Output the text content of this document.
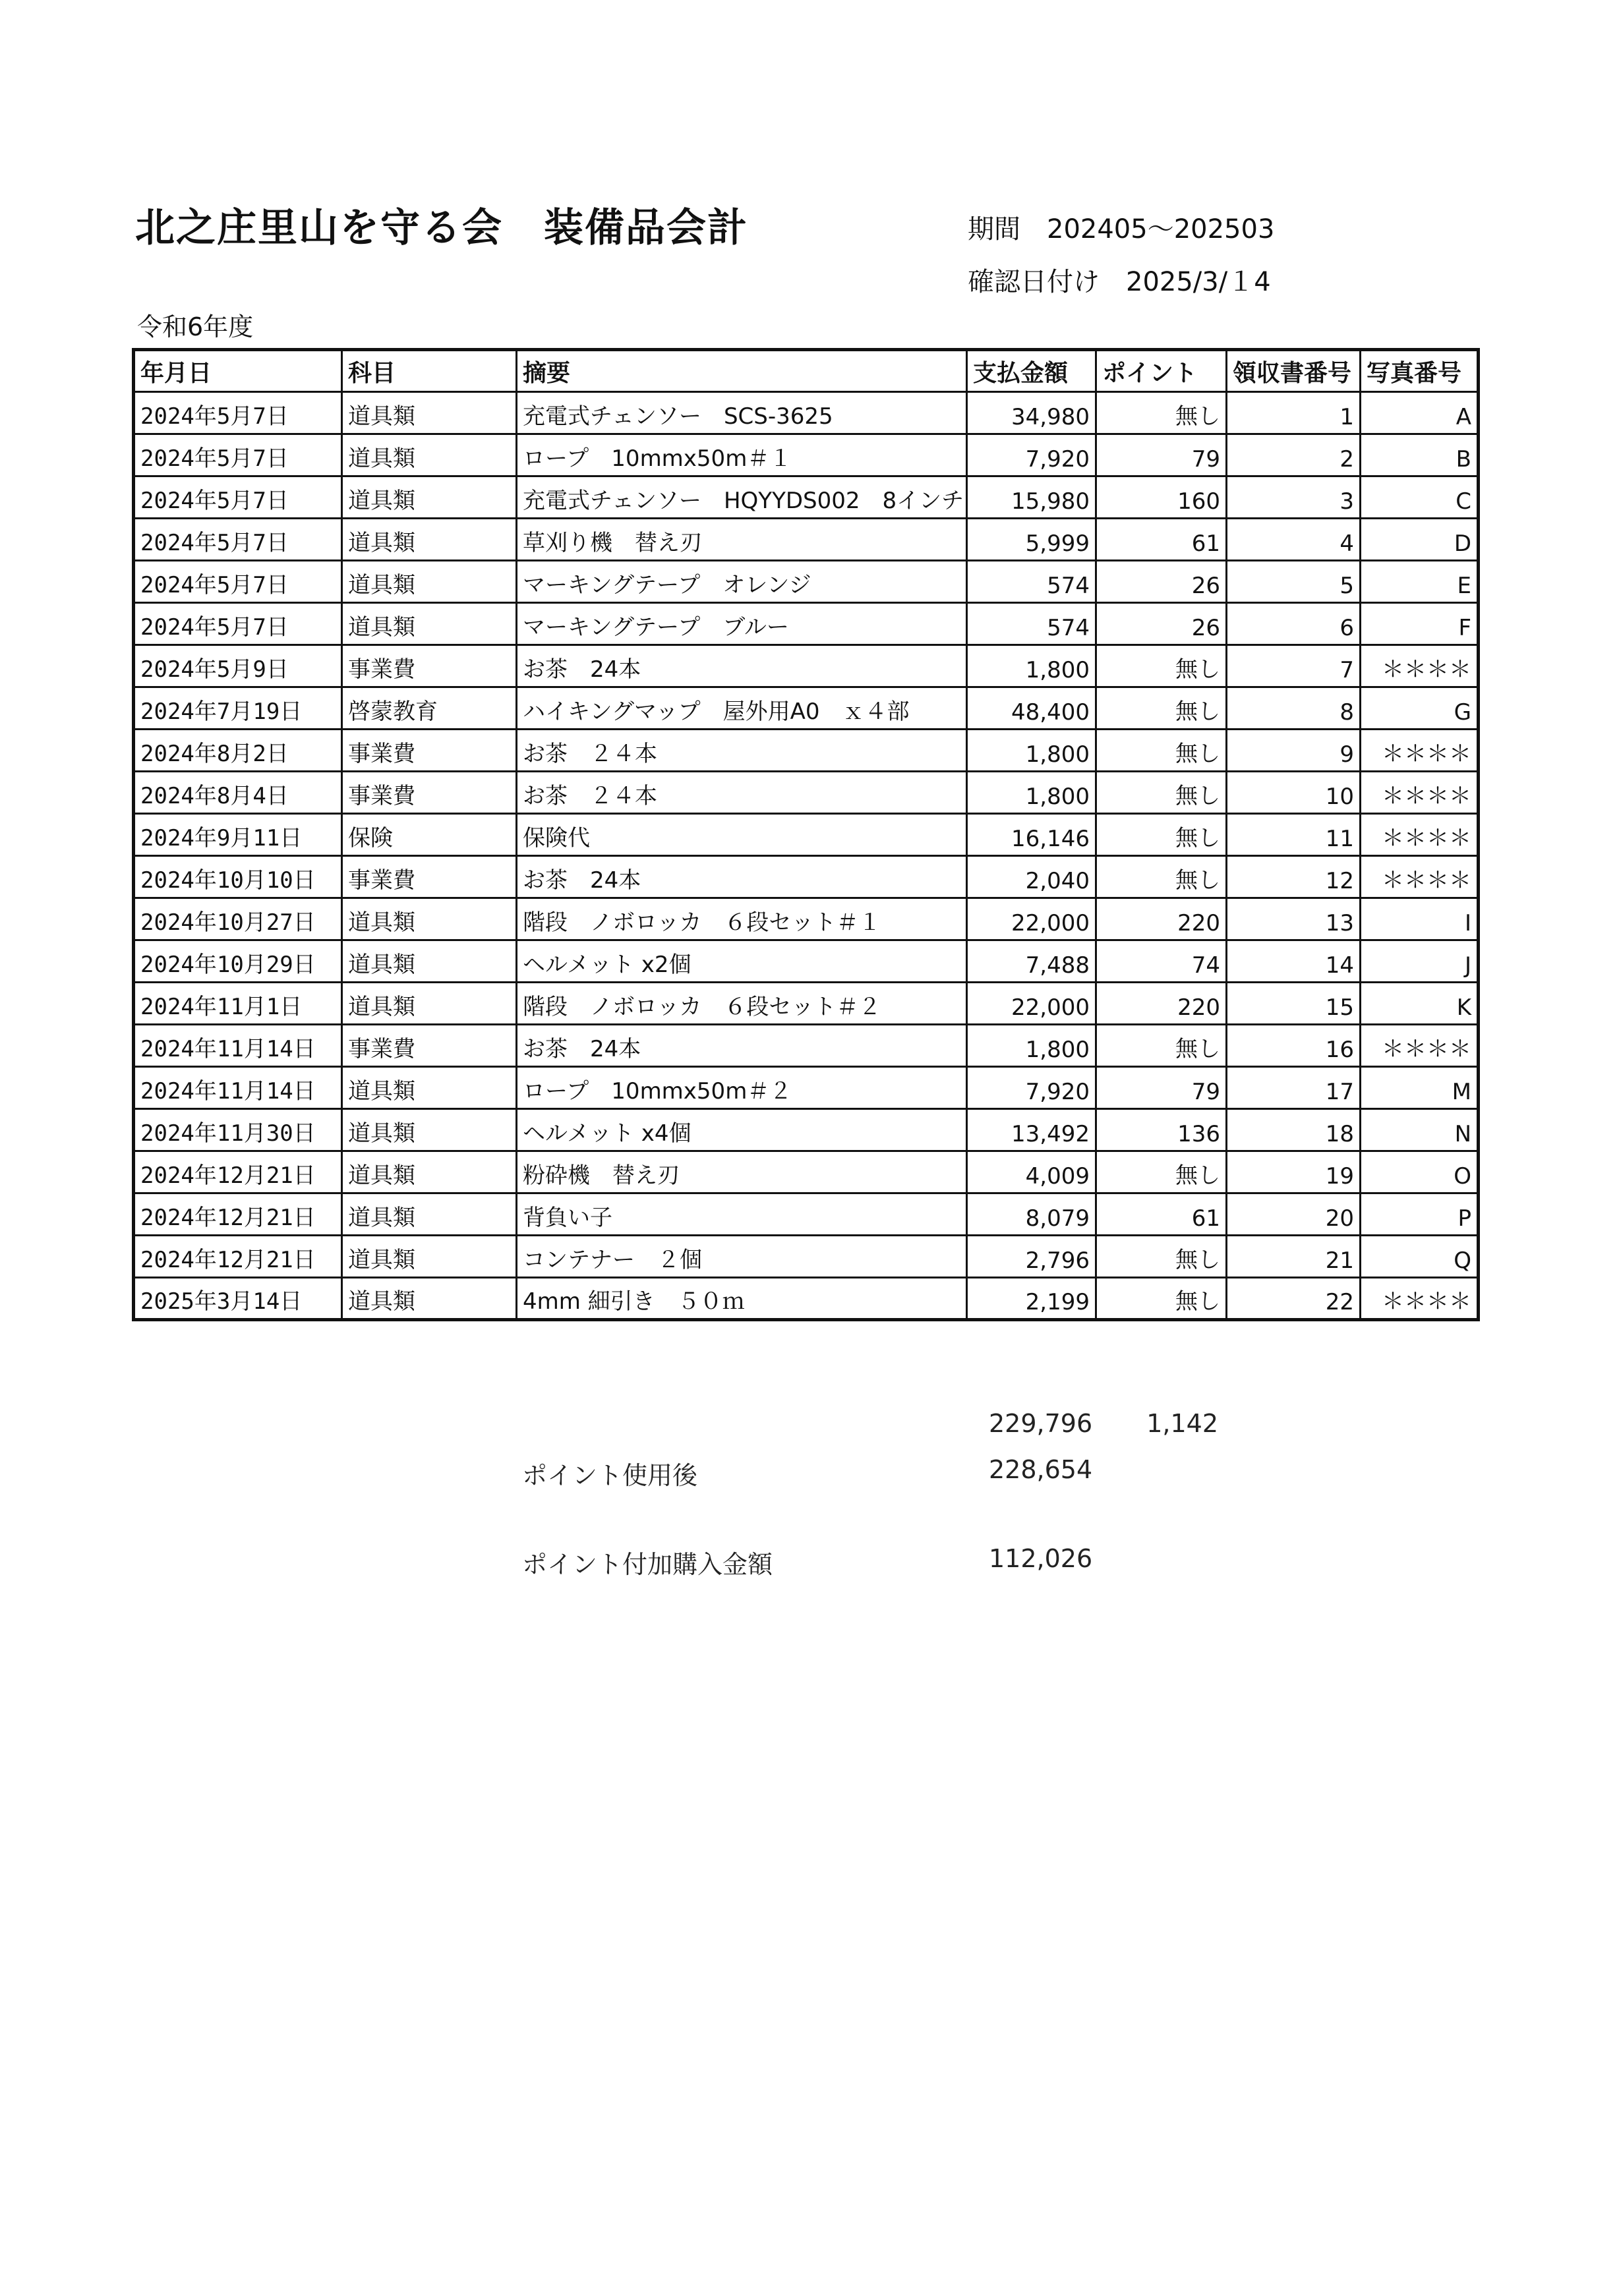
北之庄里山を守る会　装備品会計	期間　202405～202503
確認日付け　2025/3/１4
令和6年度
年月日	科目	摘要	支払金額	ポイント	領収書番号	写真番号
2024年5月7日	道具類	充電式チェンソー　SCS-3625	34,980	無し	1	A
2024年5月7日	道具類	ロープ　10mmx50m＃１	7,920	79	2	B
2024年5月7日	道具類	充電式チェンソー　HQYYDS002　8インチ	15,980	160	3	C
2024年5月7日	道具類	草刈り機　替え刃	5,999	61	4	D
2024年5月7日	道具類	マーキングテープ　オレンジ	574	26	5	E
2024年5月7日	道具類	マーキングテープ　ブルー	574	26	6	F
2024年5月9日	事業費	お茶　24本	1,800	無し	7	＊＊＊＊
2024年7月19日	啓蒙教育	ハイキングマップ　屋外用A0　ｘ４部	48,400	無し	8	G
2024年8月2日	事業費	お茶　２４本	1,800	無し	9	＊＊＊＊
2024年8月4日	事業費	お茶　２４本	1,800	無し	10	＊＊＊＊
2024年9月11日	保険	保険代	16,146	無し	11	＊＊＊＊
2024年10月10日	事業費	お茶　24本	2,040	無し	12	＊＊＊＊
2024年10月27日	道具類	階段　ノボロッカ　６段セット＃１	22,000	220	13	I
2024年10月29日	道具類	ヘルメット x2個	7,488	74	14	J
2024年11月1日	道具類	階段　ノボロッカ　６段セット＃２	22,000	220	15	K
2024年11月14日	事業費	お茶　24本	1,800	無し	16	＊＊＊＊
2024年11月14日	道具類	ロープ　10mmx50m＃２	7,920	79	17	M
2024年11月30日	道具類	ヘルメット x4個	13,492	136	18	N
2024年12月21日	道具類	粉砕機　替え刃	4,009	無し	19	O
2024年12月21日	道具類	背負い子	8,079	61	20	P
2024年12月21日	道具類	コンテナー　２個	2,796	無し	21	Q
2025年3月14日	道具類	4mm 細引き　５０ｍ	2,199	無し	22	＊＊＊＊
229,796	1,142
ポイント使用後	228,654
ポイント付加購入金額	112,026
